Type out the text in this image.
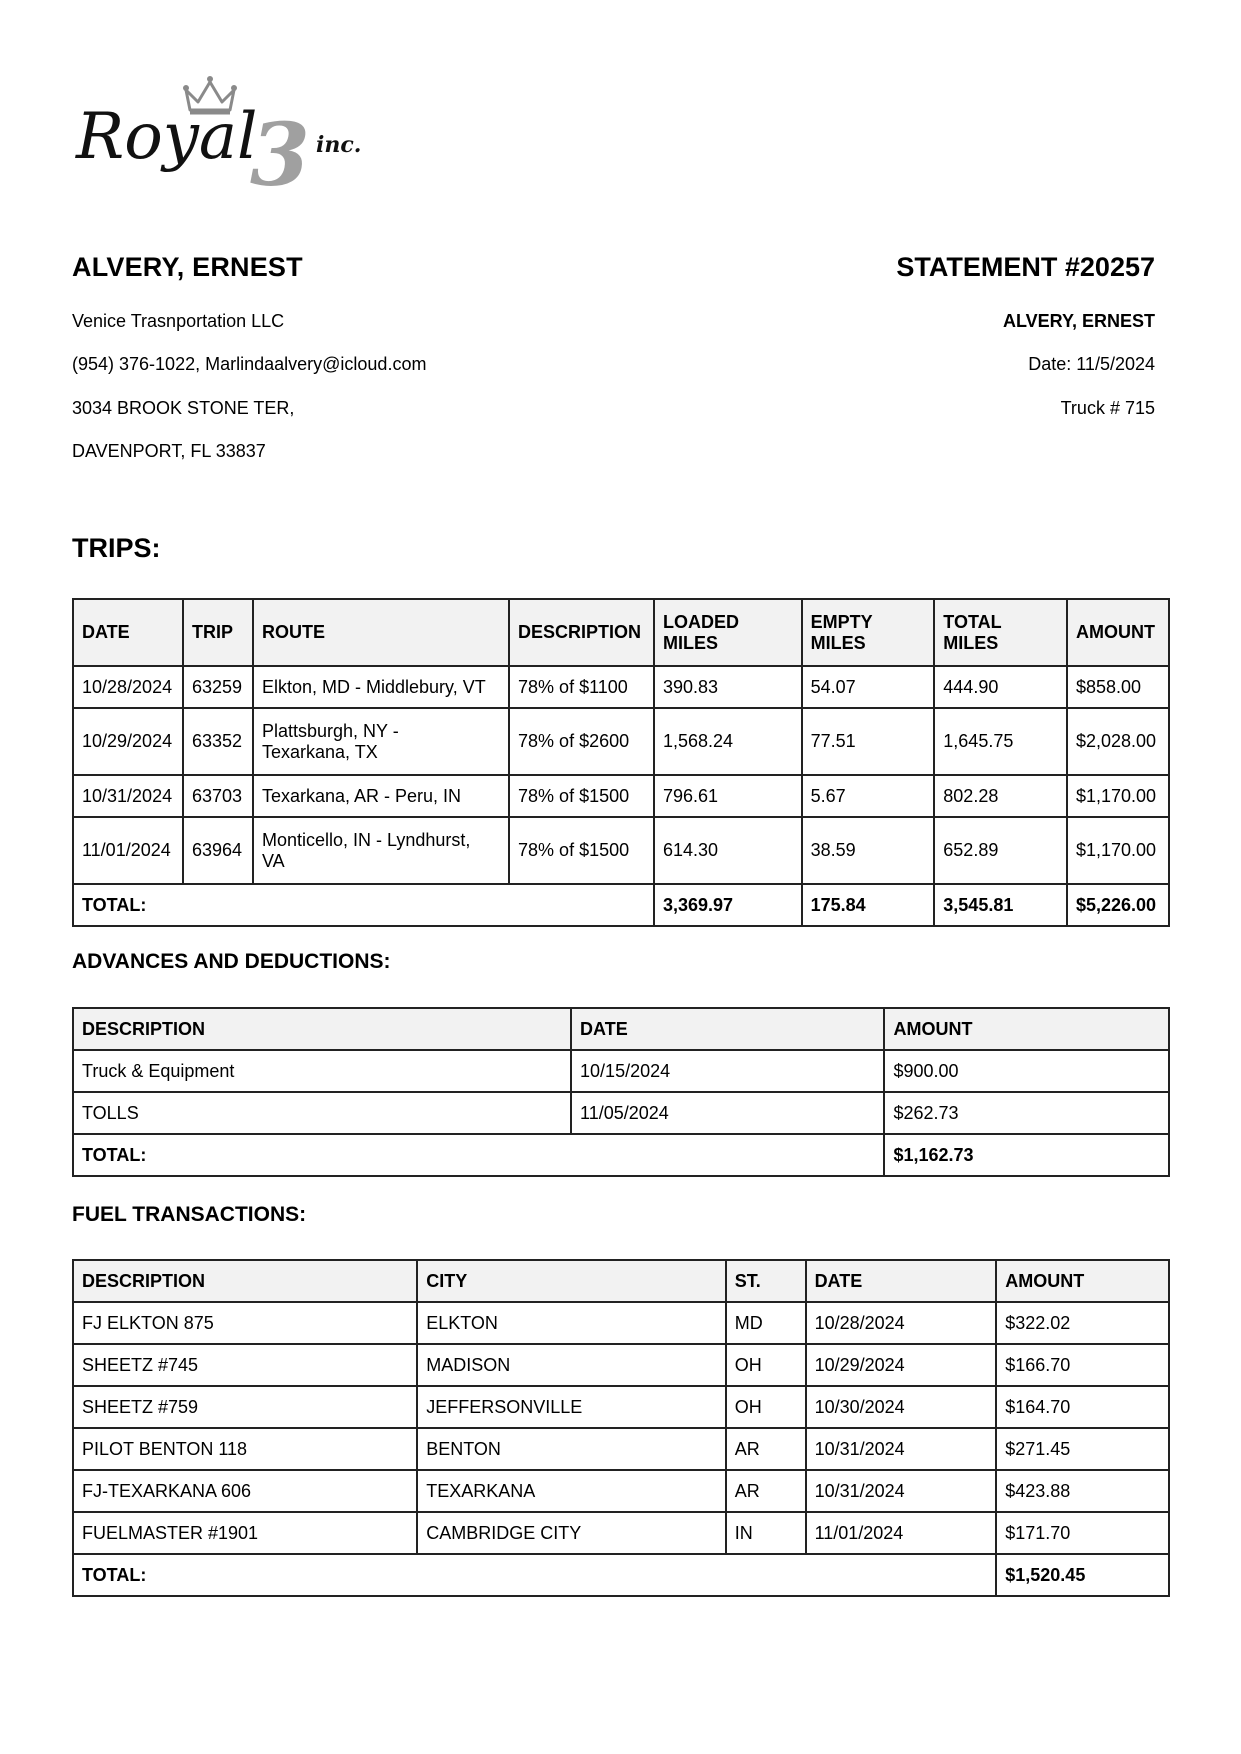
3
Royal	inc.
ALVERY, ERNEST
Venice Trasnportation LLC
(954) 376-1022, Marlindaalvery@icloud.com
3034 BROOK STONE TER,
DAVENPORT, FL 33837
STATEMENT #20257
ALVERY, ERNEST
Date: 11/5/2024
Truck # 715
TRIPS:
DATE	TRIP	ROUTE	DESCRIPTION	LOADED
MILES	EMPTY
MILES	TOTAL
MILES	AMOUNT
10/28/2024	63259	Elkton, MD - Middlebury, VT	78% of $1100	390.83	54.07	444.90	$858.00
10/29/2024	63352	Plattsburgh, NY -
Texarkana, TX	78% of $2600	1,568.24	77.51	1,645.75	$2,028.00
10/31/2024	63703	Texarkana, AR - Peru, IN	78% of $1500	796.61	5.67	802.28	$1,170.00
11/01/2024	63964	Monticello, IN - Lyndhurst,
VA	78% of $1500	614.30	38.59	652.89	$1,170.00
TOTAL:				3,369.97	175.84	3,545.81	$5,226.00
ADVANCES AND DEDUCTIONS:
DESCRIPTION	DATE	AMOUNT
Truck & Equipment	10/15/2024	$900.00
TOLLS	11/05/2024	$262.73
TOTAL:		$1,162.73
FUEL TRANSACTIONS:
DESCRIPTION	CITY	ST.	DATE	AMOUNT
FJ ELKTON 875	ELKTON	MD	10/28/2024	$322.02
SHEETZ #745	MADISON	OH	10/29/2024	$166.70
SHEETZ #759	JEFFERSONVILLE	OH	10/30/2024	$164.70
PILOT BENTON 118	BENTON	AR	10/31/2024	$271.45
FJ-TEXARKANA 606	TEXARKANA	AR	10/31/2024	$423.88
FUELMASTER #1901	CAMBRIDGE CITY	IN	11/01/2024	$171.70
TOTAL:				$1,520.45
